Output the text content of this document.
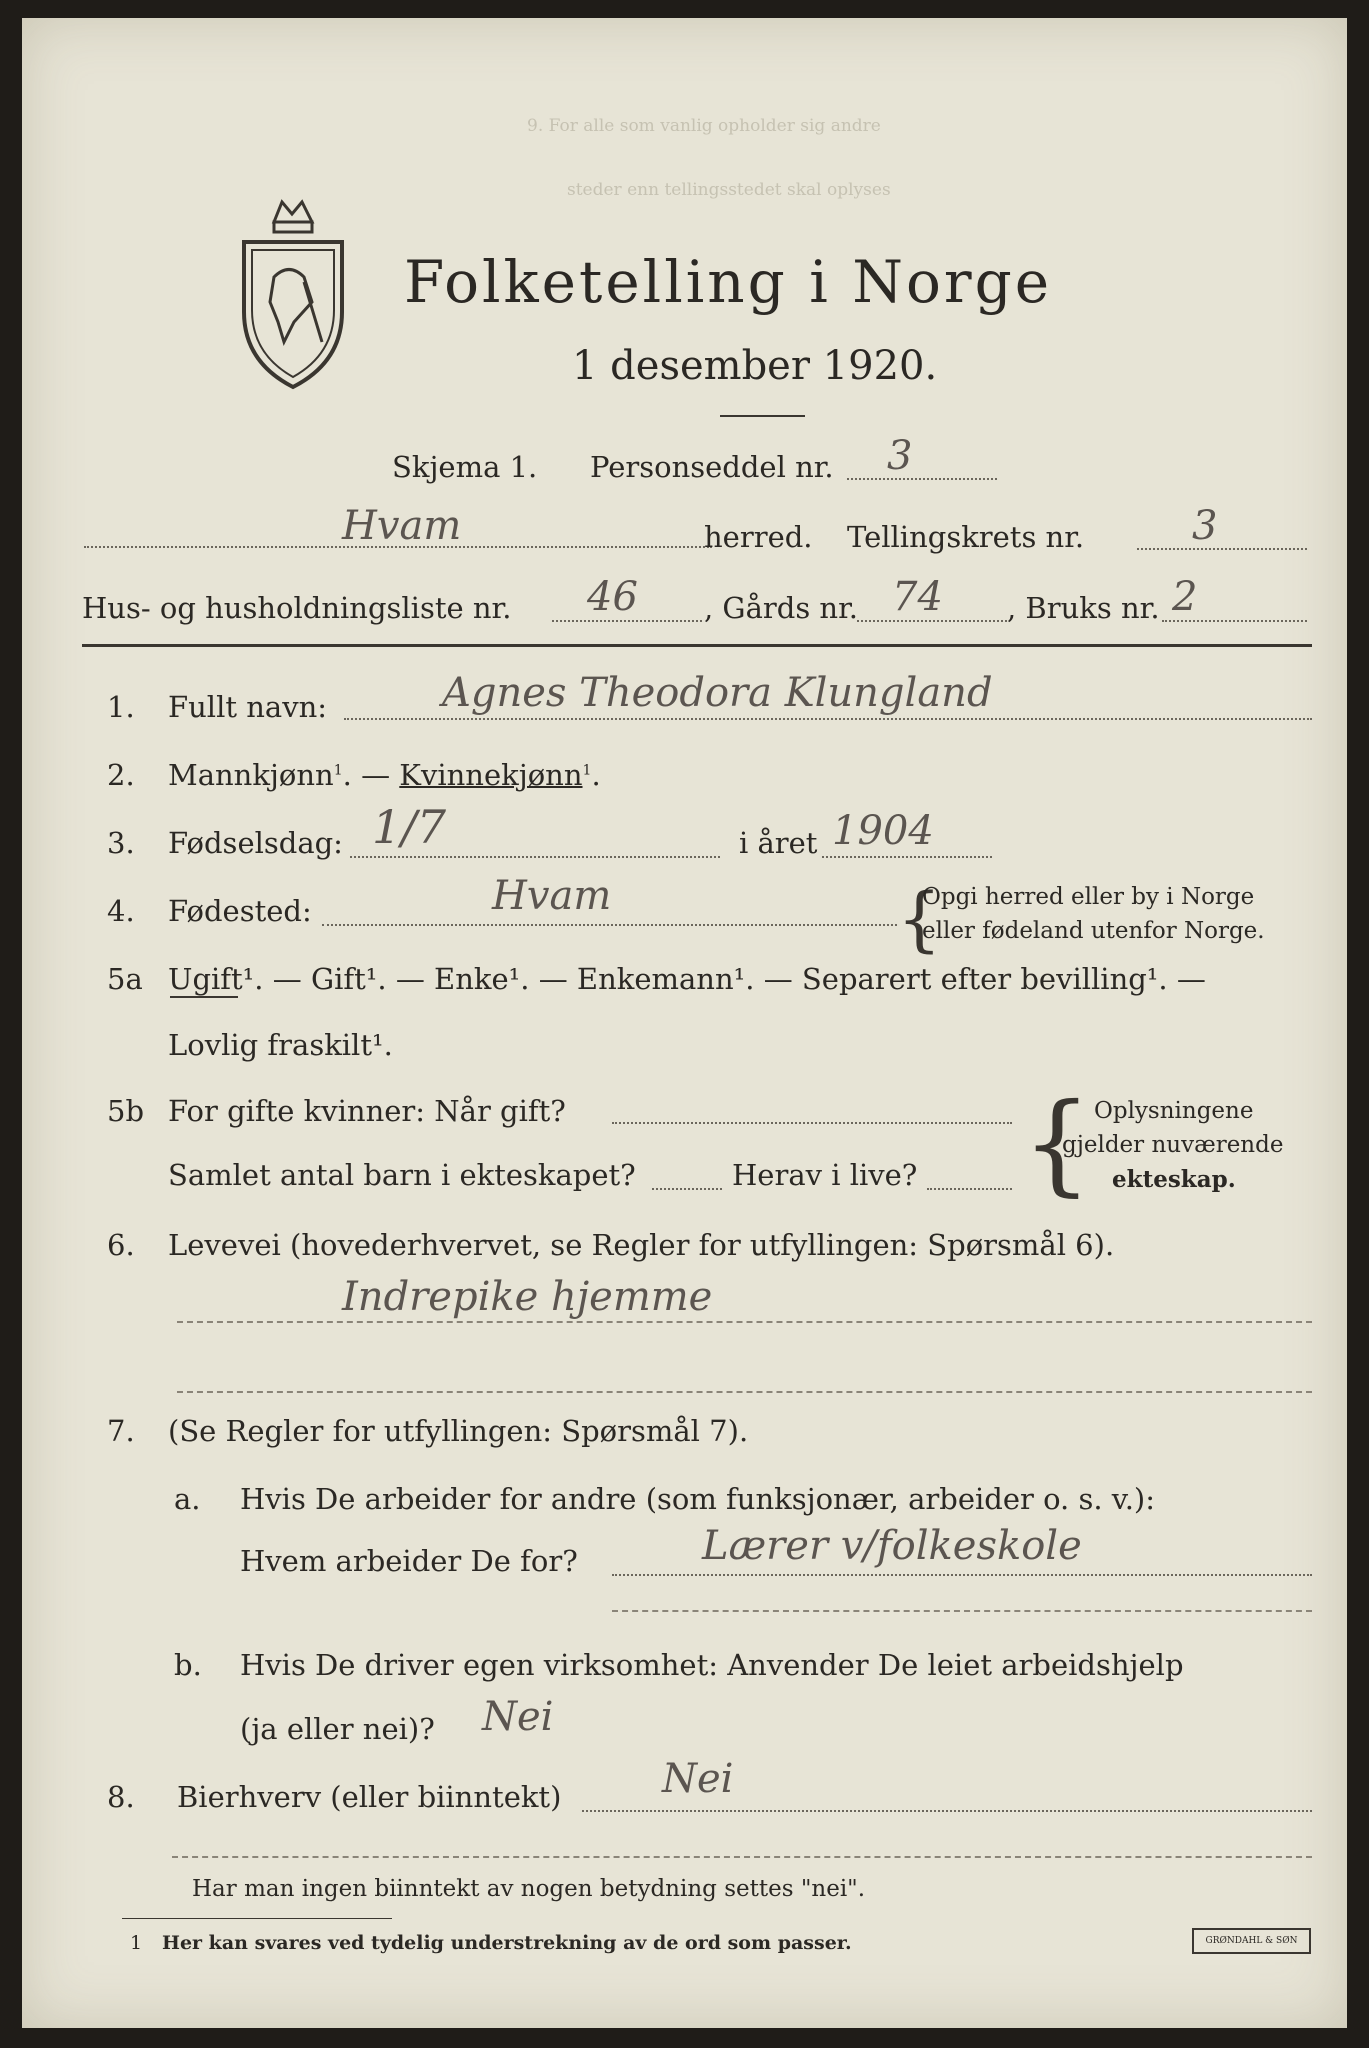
9. For alle som vanlig opholder sig andre
steder enn tellingsstedet skal oplyses
Folketelling i Norge
1 desember 1920.
Skjema 1. Personseddel nr. 3
Hvam	herred. Tellingskrets nr.	3
Hus- og husholdningsliste nr. 46 , Gårds nr. 74 , Bruks nr. 2
1. Fullt navn:	Agnes Theodora Klungland
2. Mannkjønn$^1$. — Kvinnekjønn$^1$.
3. Fødselsdag: 1/7	i året 1904
4. Fødested:	Hvam	{
Opgi herred eller by i Norge
eller fødeland utenfor Norge.
5a Ugift¹. — Gift¹. — Enke¹. — Enkemann¹. — Separert efter bevilling¹. —
Lovlig fraskilt¹.
5b For gifte kvinner: Når gift?
Samlet antal barn i ekteskapet?	Herav i live? { Oplysningene
gjelder nuværende
ekteskap.
6. Levevei (hovederhvervet, se Regler for utfyllingen: Spørsmål 6).
Indrepike hjemme
7. (Se Regler for utfyllingen: Spørsmål 7).
a. Hvis De arbeider for andre (som funksjonær, arbeider o. s. v.):
Hvem arbeider De for?	Lærer v/folkeskole
b. Hvis De driver egen virksomhet: Anvender De leiet arbeidshjelp
(ja eller nei)? Nei
8. Bierhverv (eller biinntekt)	Nei
Har man ingen biinntekt av nogen betydning settes "nei".
1 Her kan svares ved tydelig understrekning av de ord som passer.	GRØNDAHL & SØN
